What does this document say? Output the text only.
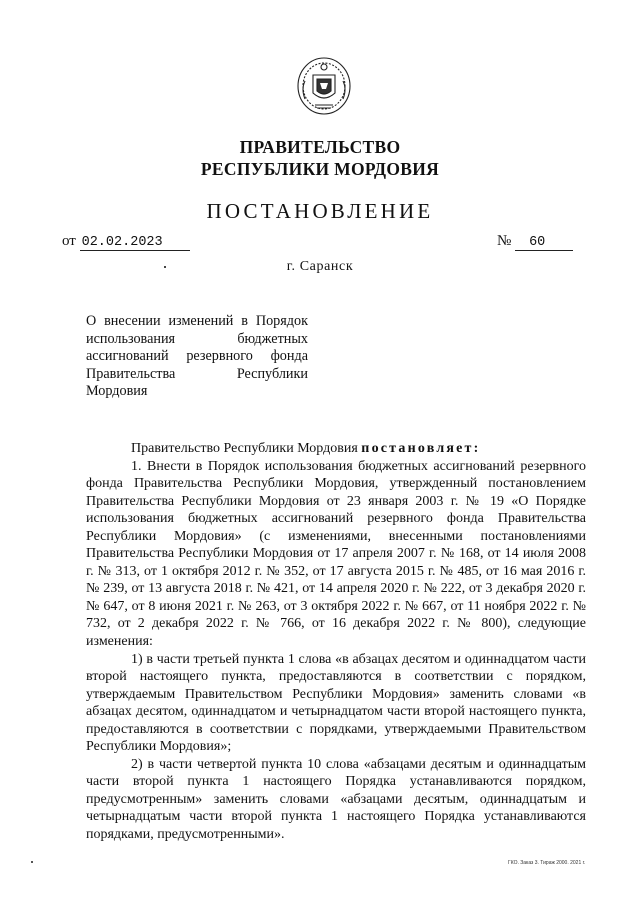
ПРАВИТЕЛЬСТВО
РЕСПУБЛИКИ МОРДОВИЯ
ПОСТАНОВЛЕНИЕ
от 02.02.2023	№ 60
г. Саранск
О внесении изменений в Порядок использования бюджетных ассигнований резервного фонда Правительства Республики Мордовия

Правительство Республики Мордовия постановляет:

1. Внести в Порядок использования бюджетных ассигнований резервного фонда Правительства Республики Мордовия, утвержденный постановлением Правительства Республики Мордовия от 23 января 2003 г. № 19 «О Порядке использования бюджетных ассигнований резервного фонда Правительства Республики Мордовия» (с изменениями, внесенными постановлениями Правительства Республики Мордовия от 17 апреля 2007 г. № 168, от 14 июля 2008 г. № 313, от 1 октября 2012 г. № 352, от 17 августа 2015 г. № 485, от 16 мая 2016 г. № 239, от 13 августа 2018 г. № 421, от 14 апреля 2020 г. № 222, от 3 декабря 2020 г. № 647, от 8 июня 2021 г. № 263, от 3 октября 2022 г. № 667, от 11 ноября 2022 г. № 732, от 2 декабря 2022 г. № 766, от 16 декабря 2022 г. № 800), следующие изменения:

1) в части третьей пункта 1 слова «в абзацах десятом и одиннадцатом части второй настоящего пункта, предоставляются в соответствии с порядком, утверждаемым Правительством Республики Мордовия» заменить словами «в абзацах десятом, одиннадцатом и четырнадцатом части второй настоящего пункта, предоставляются в соответствии с порядками, утверждаемыми Правительством Республики Мордовия»;

2) в части четвертой пункта 10 слова «абзацами десятым и одиннадцатым части второй пункта 1 настоящего Порядка устанавливаются порядком, предусмотренным» заменить словами «абзацами десятым, одиннадцатым и четырнадцатым части второй пункта 1 настоящего Порядка устанавливаются порядками, предусмотренными».

ГКО. Заказ 3. Тираж 2000. 2021 г.
